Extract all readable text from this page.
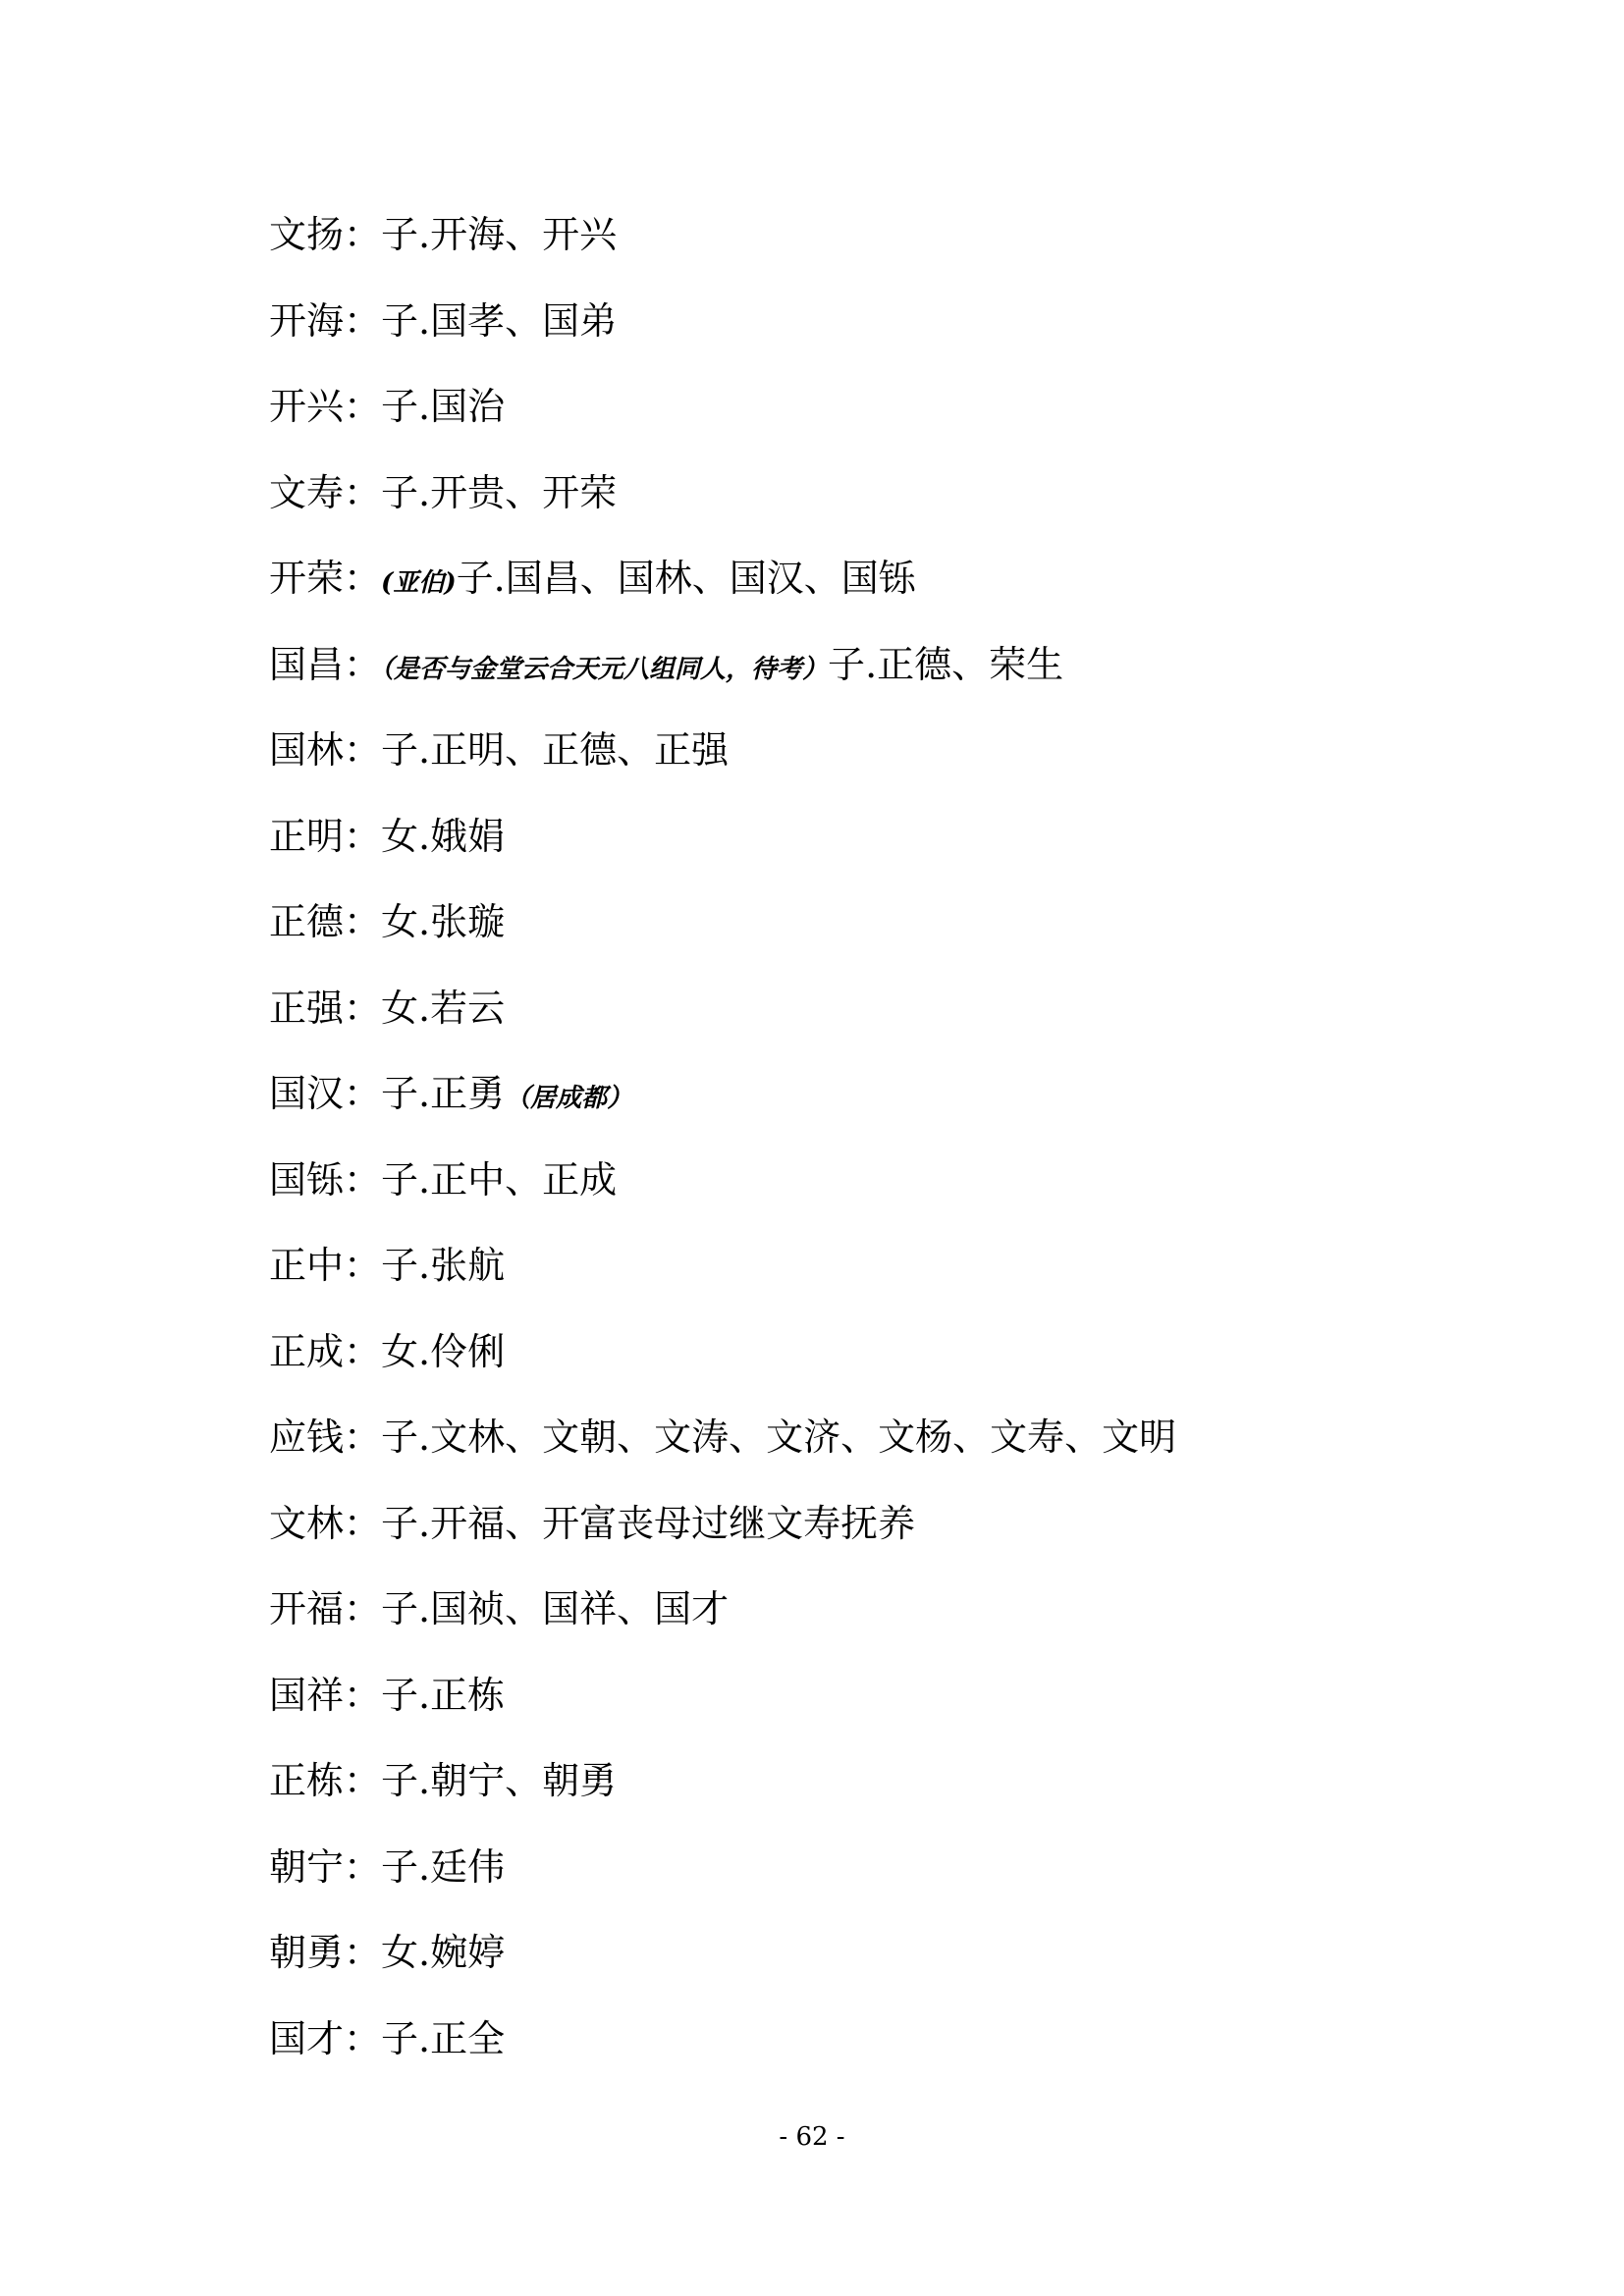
文扬：子.开海、开兴
开海：子.国孝、国弟
开兴：子.国治
文寿：子.开贵、开荣
开荣：(亚伯)子.国昌、国林、国汉、国铄
国昌：（是否与金堂云合天元八组同人，待考）子.正德、荣生
国林：子.正明、正德、正强
正明：女.娥娟
正德：女.张璇
正强：女.若云
国汉：子.正勇（居成都）
国铄：子.正中、正成
正中：子.张航
正成：女.伶俐
应钱：子.文林、文朝、文涛、文济、文杨、文寿、文明
文林：子.开福、开富丧母过继文寿抚养
开福：子.国祯、国祥、国才
国祥：子.正栋
正栋：子.朝宁、朝勇
朝宁：子.廷伟
朝勇：女.婉婷
国才：子.正全
- 62 -
